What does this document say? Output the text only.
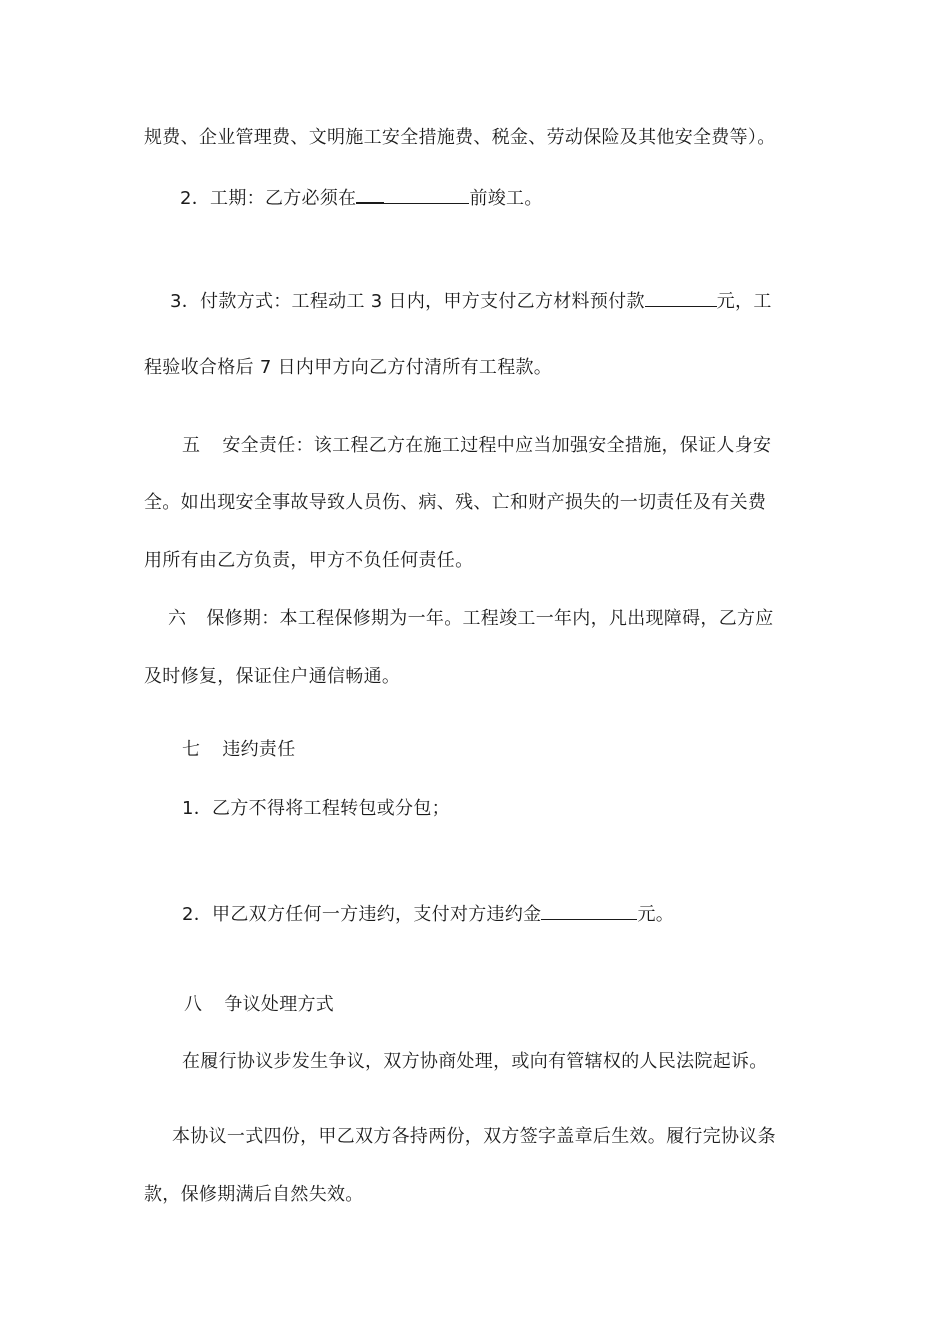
规费、企业管理费、文明施工安全措施费、税金、劳动保险及其他安全费等）。
2．工期：乙方必须在	前竣工。
3．付款方式：工程动工 3 日内，甲方支付乙方材料预付款	元，工
程验收合格后 7 日内甲方向乙方付清所有工程款。
五 安全责任：该工程乙方在施工过程中应当加强安全措施，保证人身安
全。如出现安全事故导致人员伤、病、残、亡和财产损失的一切责任及有关费
用所有由乙方负责，甲方不负任何责任。
六 保修期：本工程保修期为一年。工程竣工一年内，凡出现障碍，乙方应
及时修复，保证住户通信畅通。
七 违约责任
1．乙方不得将工程转包或分包；
2．甲乙双方任何一方违约，支付对方违约金	元。
八 争议处理方式
在履行协议步发生争议，双方协商处理，或向有管辖权的人民法院起诉。
本协议一式四份，甲乙双方各持两份，双方签字盖章后生效。履行完协议条
款，保修期满后自然失效。
